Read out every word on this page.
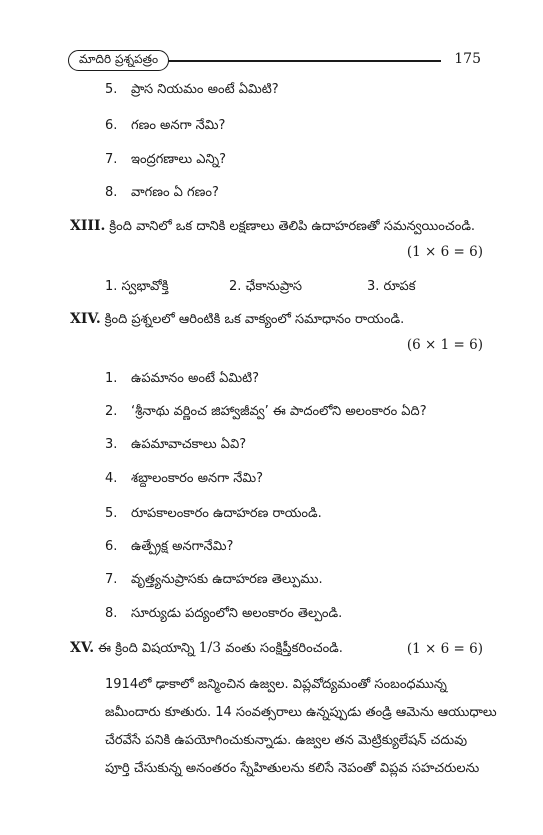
మాదిరి ప్రశ్నపత్రం	175
5. ప్రాస నియమం అంటే ఏమిటి?
6. గణం అనగా నేమి?
7. ఇంద్రగణాలు ఎన్ని?
8. వాగణం ఏ గణం?
XIII. క్రింది వానిలో ఒక దానికి లక్షణాలు తెలిపి ఉదాహరణతో సమన్వయించండి.
(1 × 6 = 6)
1. స్వభావోక్తి	2. ఛేకానుప్రాస	3. రూపక
XIV. క్రింది ప్రశ్నలలో ఆరింటికి ఒక వాక్యంలో సమాధానం రాయండి.
(6 × 1 = 6)
1. ఉపమానం అంటే ఏమిటి?
2. ‘శ్రీనాథు వర్ణించ జిహ్వాజీవ్వ’ ఈ పాదంలోని అలంకారం ఏది?
3. ఉపమావాచకాలు ఏవి?
4. శబ్దాలంకారం అనగా నేమి?
5. రూపకాలంకారం ఉదాహరణ రాయండి.
6. ఉత్ప్రేక్ష అనగానేమి?
7. వృత్త్యనుప్రాసకు ఉదాహరణ తెల్పుము.
8. సూర్యుడు పద్యంలోని అలంకారం తెల్పండి.
XV. ఈ క్రింది విషయాన్ని 1/3 వంతు సంక్షిప్తీకరించండి.	(1 × 6 = 6)
1914లో ఢాకాలో జన్మించిన ఉజ్వల. విప్లవోద్యమంతో సంబంధమున్న
జమీందారు కూతురు. 14 సంవత్సరాలు ఉన్నప్పుడు తండ్రి ఆమెను ఆయుధాలు
చేరవేసే పనికి ఉపయోగించుకున్నాడు. ఉజ్వల తన మెట్రిక్యులేషన్ చదువు
పూర్తి చేసుకున్న అనంతరం స్నేహితులను కలిసే నెపంతో విప్లవ సహచరులను
